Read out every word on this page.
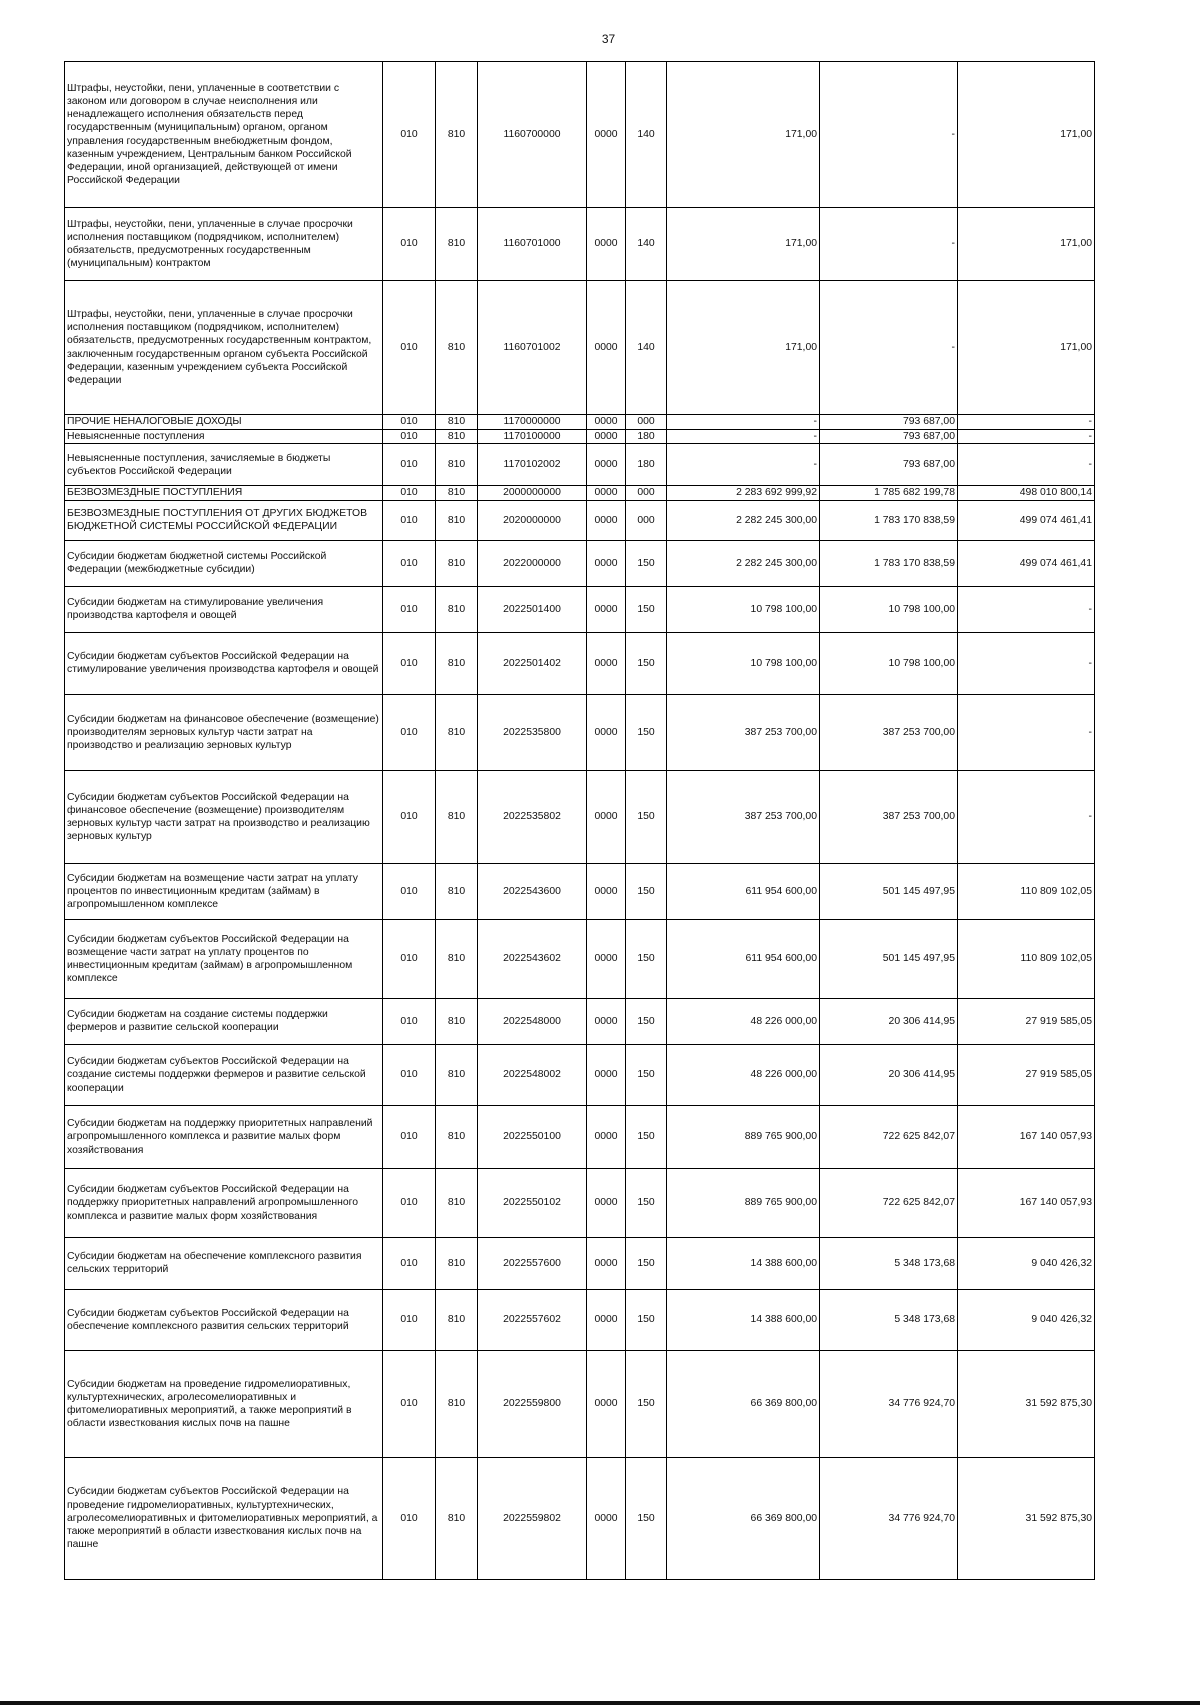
37
Штрафы, неустойки, пени, уплаченные в соответствии с законом или договором в случае неисполнения или ненадлежащего исполнения обязательств перед государственным (муниципальным) органом, органом управления государственным внебюджетным фондом, казенным учреждением, Центральным банком Российской Федерации, иной организацией, действующей от имени Российской Федерации	010	810	1160700000	0000	140	171,00	-	171,00
Штрафы, неустойки, пени, уплаченные в случае просрочки исполнения поставщиком (подрядчиком, исполнителем) обязательств, предусмотренных государственным (муниципальным) контрактом	010	810	1160701000	0000	140	171,00	-	171,00
Штрафы, неустойки, пени, уплаченные в случае просрочки исполнения поставщиком (подрядчиком, исполнителем) обязательств, предусмотренных государственным контрактом, заключенным государственным органом субъекта Российской Федерации, казенным учреждением субъекта Российской Федерации	010	810	1160701002	0000	140	171,00	-	171,00
ПРОЧИЕ НЕНАЛОГОВЫЕ ДОХОДЫ	010	810	1170000000	0000	000	-	793 687,00	-
Невыясненные поступления	010	810	1170100000	0000	180	-	793 687,00	-
Невыясненные поступления, зачисляемые в бюджеты субъектов Российской Федерации	010	810	1170102002	0000	180	-	793 687,00	-
БЕЗВОЗМЕЗДНЫЕ ПОСТУПЛЕНИЯ	010	810	2000000000	0000	000	2 283 692 999,92	1 785 682 199,78	498 010 800,14
БЕЗВОЗМЕЗДНЫЕ ПОСТУПЛЕНИЯ ОТ ДРУГИХ БЮДЖЕТОВ БЮДЖЕТНОЙ СИСТЕМЫ РОССИЙСКОЙ ФЕДЕРАЦИИ	010	810	2020000000	0000	000	2 282 245 300,00	1 783 170 838,59	499 074 461,41
Субсидии бюджетам бюджетной системы Российской Федерации (межбюджетные субсидии)	010	810	2022000000	0000	150	2 282 245 300,00	1 783 170 838,59	499 074 461,41
Субсидии бюджетам на стимулирование увеличения производства картофеля и овощей	010	810	2022501400	0000	150	10 798 100,00	10 798 100,00	-
Субсидии бюджетам субъектов Российской Федерации на стимулирование увеличения производства картофеля и овощей	010	810	2022501402	0000	150	10 798 100,00	10 798 100,00	-
Субсидии бюджетам на финансовое обеспечение (возмещение) производителям зерновых культур части затрат на производство и реализацию зерновых культур	010	810	2022535800	0000	150	387 253 700,00	387 253 700,00	-
Субсидии бюджетам субъектов Российской Федерации на финансовое обеспечение (возмещение) производителям зерновых культур части затрат на производство и реализацию зерновых культур	010	810	2022535802	0000	150	387 253 700,00	387 253 700,00	-
Субсидии бюджетам на возмещение части затрат на уплату процентов по инвестиционным кредитам (займам) в агропромышленном комплексе	010	810	2022543600	0000	150	611 954 600,00	501 145 497,95	110 809 102,05
Субсидии бюджетам субъектов Российской Федерации на возмещение части затрат на уплату процентов по инвестиционным кредитам (займам) в агропромышленном комплексе	010	810	2022543602	0000	150	611 954 600,00	501 145 497,95	110 809 102,05
Субсидии бюджетам на создание системы поддержки фермеров и развитие сельской кооперации	010	810	2022548000	0000	150	48 226 000,00	20 306 414,95	27 919 585,05
Субсидии бюджетам субъектов Российской Федерации на создание системы поддержки фермеров и развитие сельской кооперации	010	810	2022548002	0000	150	48 226 000,00	20 306 414,95	27 919 585,05
Субсидии бюджетам на поддержку приоритетных направлений агропромышленного комплекса и развитие малых форм хозяйствования	010	810	2022550100	0000	150	889 765 900,00	722 625 842,07	167 140 057,93
Субсидии бюджетам субъектов Российской Федерации на поддержку приоритетных направлений агропромышленного комплекса и развитие малых форм хозяйствования	010	810	2022550102	0000	150	889 765 900,00	722 625 842,07	167 140 057,93
Субсидии бюджетам на обеспечение комплексного развития сельских территорий	010	810	2022557600	0000	150	14 388 600,00	5 348 173,68	9 040 426,32
Субсидии бюджетам субъектов Российской Федерации на обеспечение комплексного развития сельских территорий	010	810	2022557602	0000	150	14 388 600,00	5 348 173,68	9 040 426,32
Субсидии бюджетам на проведение гидромелиоративных, культуртехнических, агролесомелиоративных и фитомелиоративных мероприятий, а также мероприятий в области известкования кислых почв на пашне	010	810	2022559800	0000	150	66 369 800,00	34 776 924,70	31 592 875,30
Субсидии бюджетам субъектов Российской Федерации на проведение гидромелиоративных, культуртехнических, агролесомелиоративных и фитомелиоративных мероприятий, а также мероприятий в области известкования кислых почв на пашне	010	810	2022559802	0000	150	66 369 800,00	34 776 924,70	31 592 875,30
